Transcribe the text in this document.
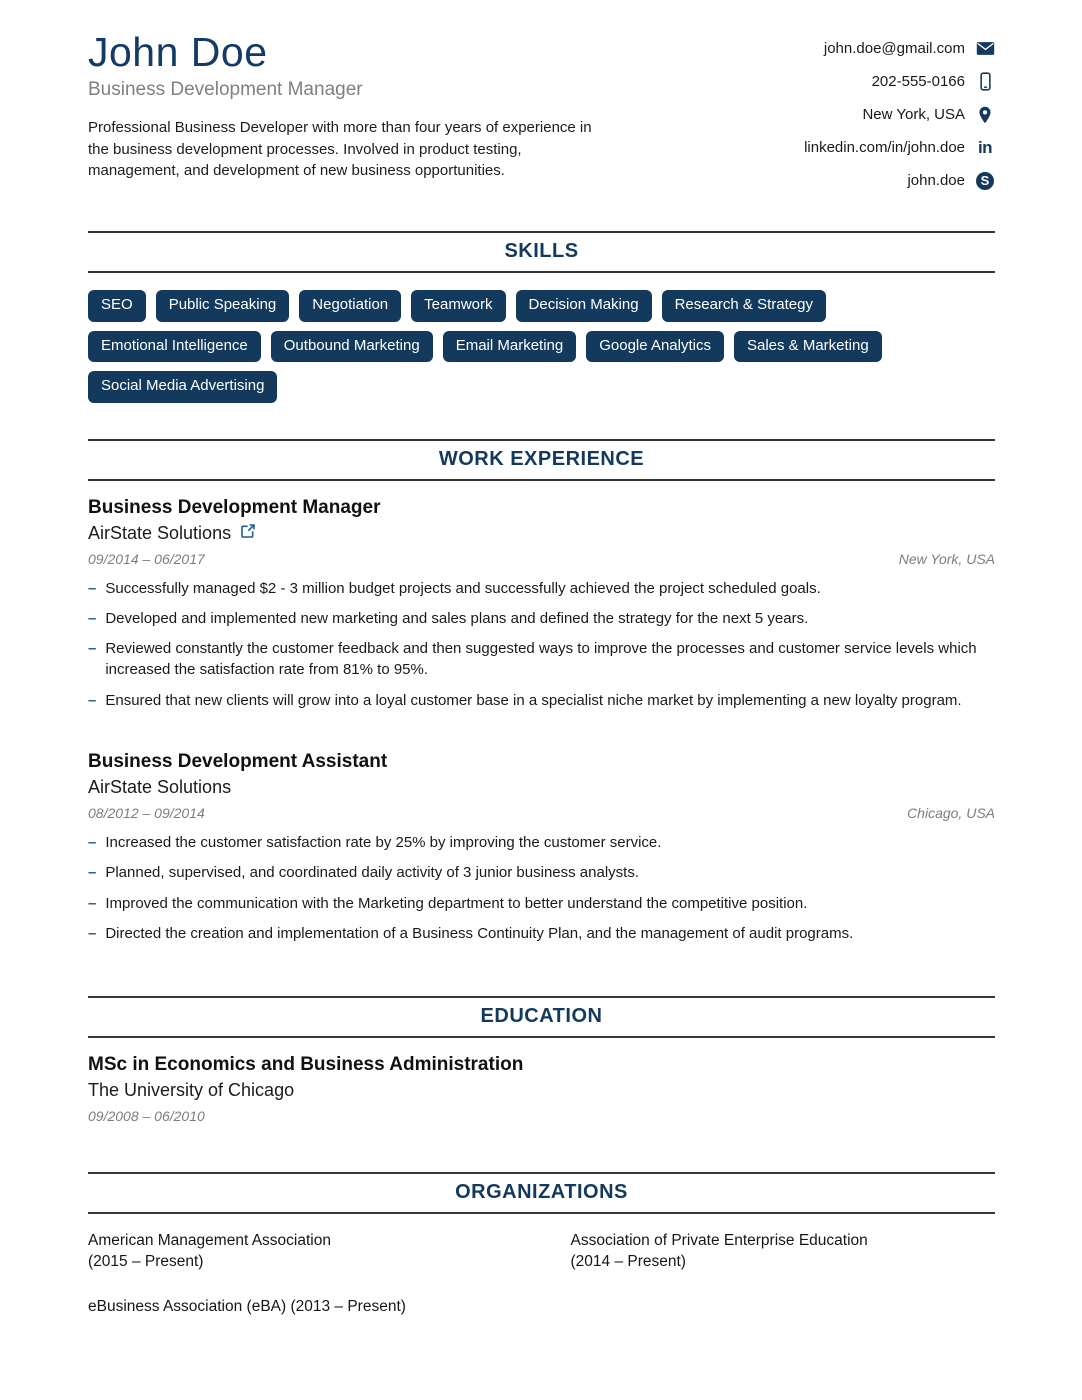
John Doe
Business Development Manager

Professional Business Developer with more than four years of experience in the business development processes. Involved in product testing, management, and development of new business opportunities.

john.doe@gmail.com
202-555-0166
New York, USA
linkedin.com/in/john.doe in
john.doe	S
SKILLS
SEO	Public Speaking	Negotiation	Teamwork	Decision Making	Research & Strategy
Emotional Intelligence	Outbound Marketing	Email Marketing	Google Analytics	Sales & Marketing
Social Media Advertising
WORK EXPERIENCE
Business Development Manager
AirState Solutions
09/2014 – 06/2017	New York, USA
– Successfully managed $2 - 3 million budget projects and successfully achieved the project scheduled goals.
– Developed and implemented new marketing and sales plans and defined the strategy for the next 5 years.
– Reviewed constantly the customer feedback and then suggested ways to improve the processes and customer service levels which increased the satisfaction rate from 81% to 95%.
– Ensured that new clients will grow into a loyal customer base in a specialist niche market by implementing a new loyalty program.
Business Development Assistant
AirState Solutions
08/2012 – 09/2014	Chicago, USA
– Increased the customer satisfaction rate by 25% by improving the customer service.
– Planned, supervised, and coordinated daily activity of 3 junior business analysts.
– Improved the communication with the Marketing department to better understand the competitive position.
– Directed the creation and implementation of a Business Continuity Plan, and the management of audit programs.
EDUCATION
MSc in Economics and Business Administration
The University of Chicago
09/2008 – 06/2010
ORGANIZATIONS
American Management Association
(2015 – Present)
Association of Private Enterprise Education
(2014 – Present)
eBusiness Association (eBA) (2013 – Present)
